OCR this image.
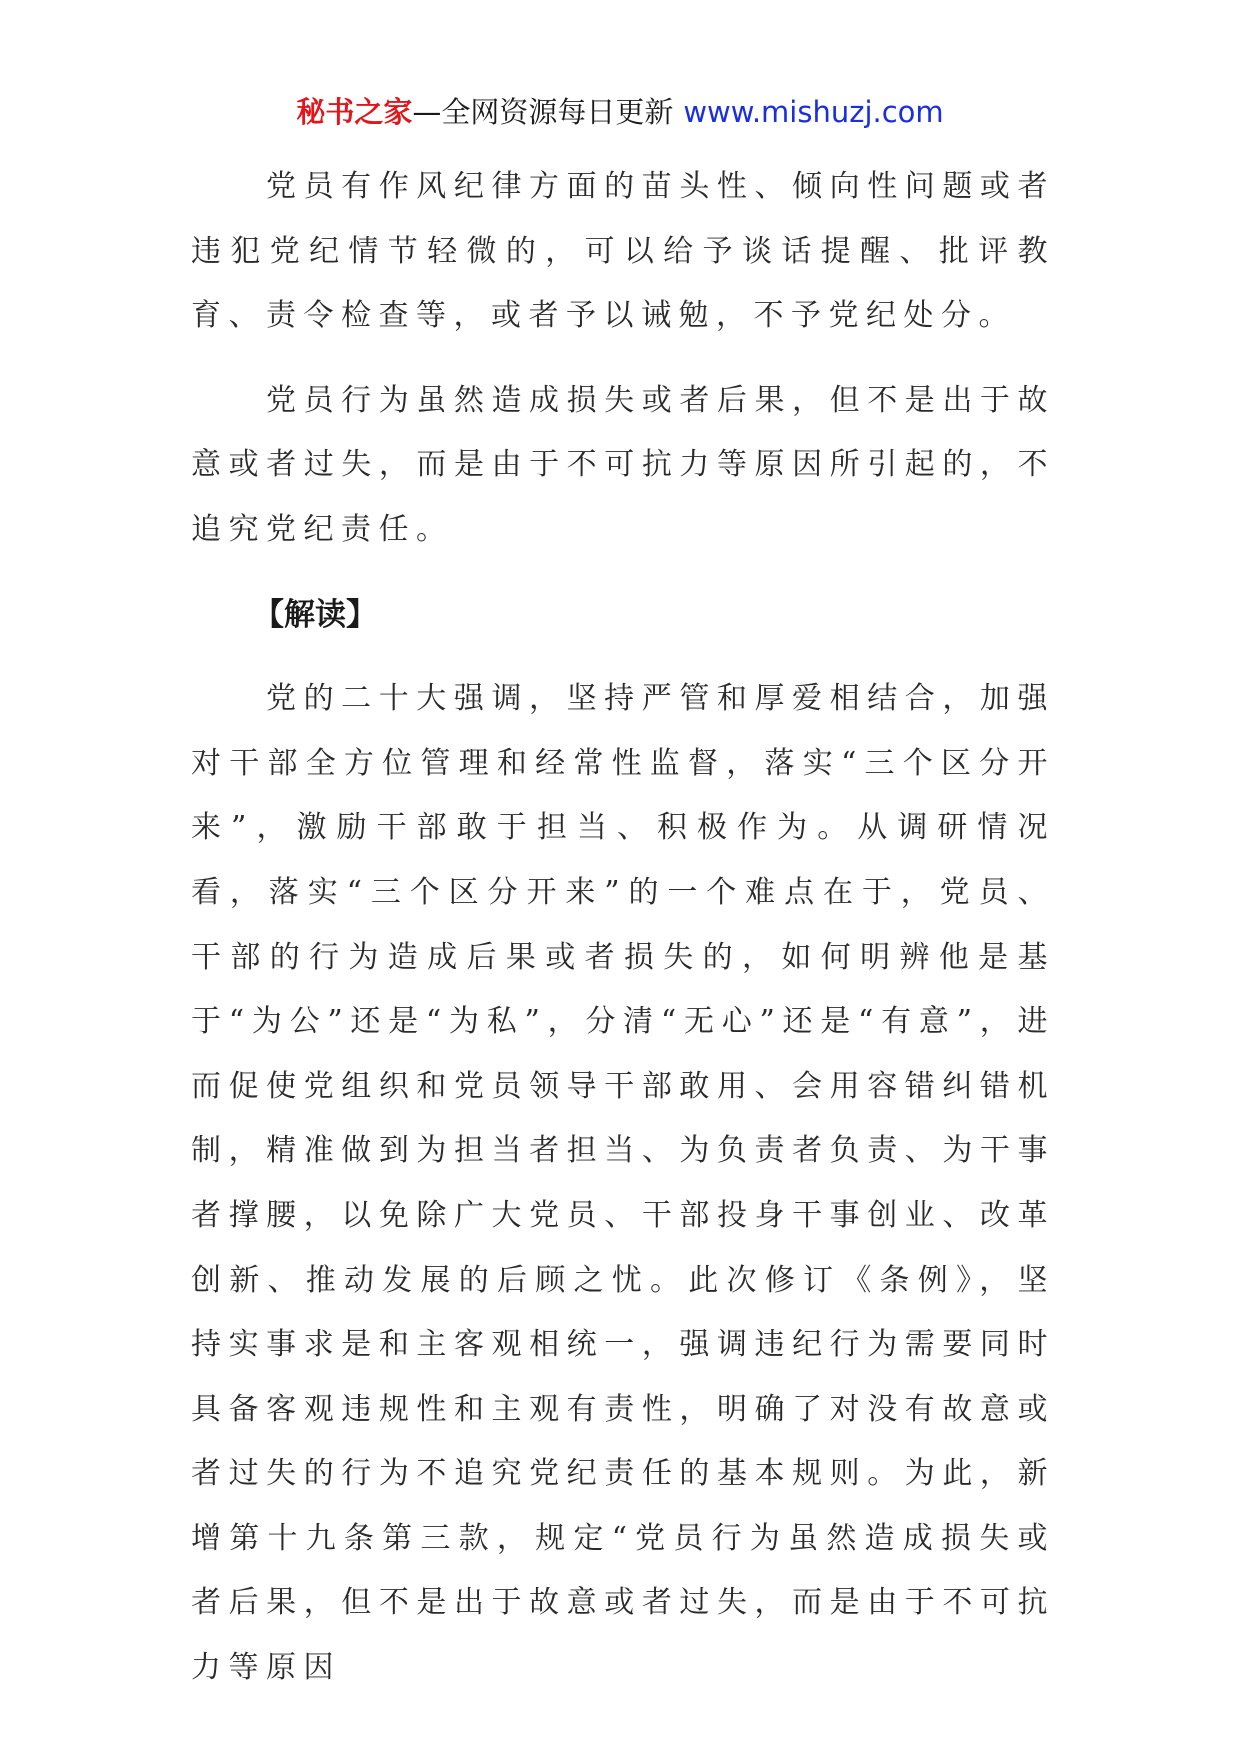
秘书之家—全网资源每日更新 www.mishuzj.com

党员有作风纪律方面的苗头性、倾向性问题或者违犯党纪情节轻微的，可以给予谈话提醒、批评教育、责令检查等，或者予以诫勉，不予党纪处分。

党员行为虽然造成损失或者后果，但不是出于故意或者过失，而是由于不可抗力等原因所引起的，不追究党纪责任。

【解读】

党的二十大强调，坚持严管和厚爱相结合，加强对干部全方位管理和经常性监督，落实“三个区分开来”，激励干部敢于担当、积极作为。从调研情况看，落实“三个区分开来”的一个难点在于，党员、干部的行为造成后果或者损失的，如何明辨他是基于“为公”还是“为私”，分清“无心”还是“有意”，进而促使党组织和党员领导干部敢用、会用容错纠错机制，精准做到为担当者担当、为负责者负责、为干事者撑腰，以免除广大党员、干部投身干事创业、改革创新、推动发展的后顾之忧。此次修订《条例》，坚持实事求是和主客观相统一，强调违纪行为需要同时具备客观违规性和主观有责性，明确了对没有故意或者过失的行为不追究党纪责任的基本规则。为此，新增第十九条第三款，规定“党员行为虽然造成损失或者后果，但不是出于故意或者过失，而是由于不可抗力等原因
